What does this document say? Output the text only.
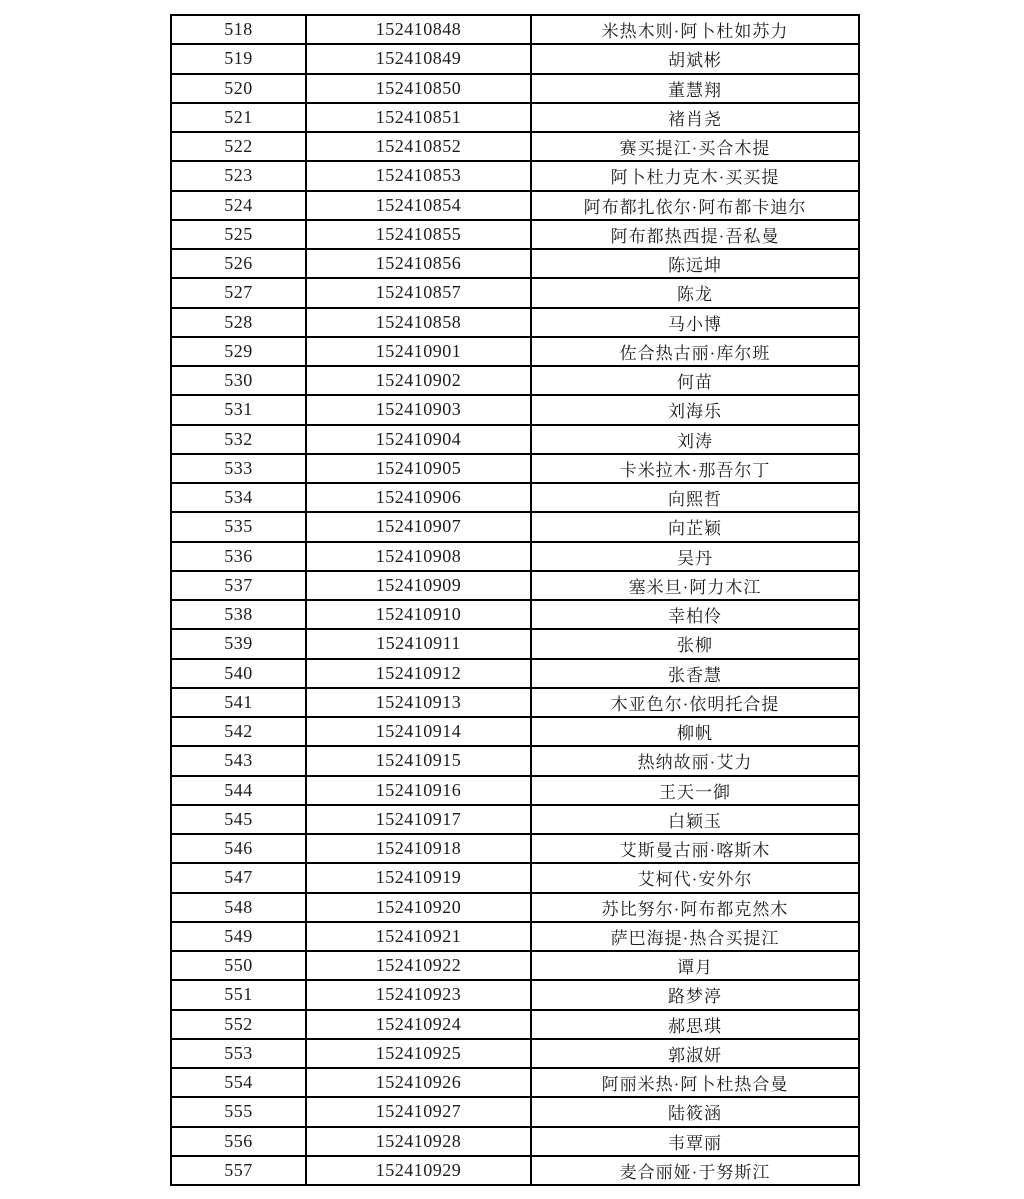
518	152410848	米热木则·阿卜杜如苏力
519	152410849	胡斌彬
520	152410850	董慧翔
521	152410851	褚肖尧
522	152410852	赛买提江·买合木提
523	152410853	阿卜杜力克木·买买提
524	152410854	阿布都扎依尔·阿布都卡迪尔
525	152410855	阿布都热西提·吾私曼
526	152410856	陈远坤
527	152410857	陈龙
528	152410858	马小博
529	152410901	佐合热古丽·库尔班
530	152410902	何苗
531	152410903	刘海乐
532	152410904	刘涛
533	152410905	卡米拉木·那吾尔丁
534	152410906	向熙哲
535	152410907	向芷颖
536	152410908	吴丹
537	152410909	塞米旦·阿力木江
538	152410910	幸柏伶
539	152410911	张柳
540	152410912	张香慧
541	152410913	木亚色尔·依明托合提
542	152410914	柳帆
543	152410915	热纳故丽·艾力
544	152410916	王天一御
545	152410917	白颖玉
546	152410918	艾斯曼古丽·喀斯木
547	152410919	艾柯代·安外尔
548	152410920	苏比努尔·阿布都克然木
549	152410921	萨巴海提·热合买提江
550	152410922	谭月
551	152410923	路梦渟
552	152410924	郝思琪
553	152410925	郭淑妍
554	152410926	阿丽米热·阿卜杜热合曼
555	152410927	陆筱涵
556	152410928	韦覃丽
557	152410929	麦合丽娅·于努斯江
